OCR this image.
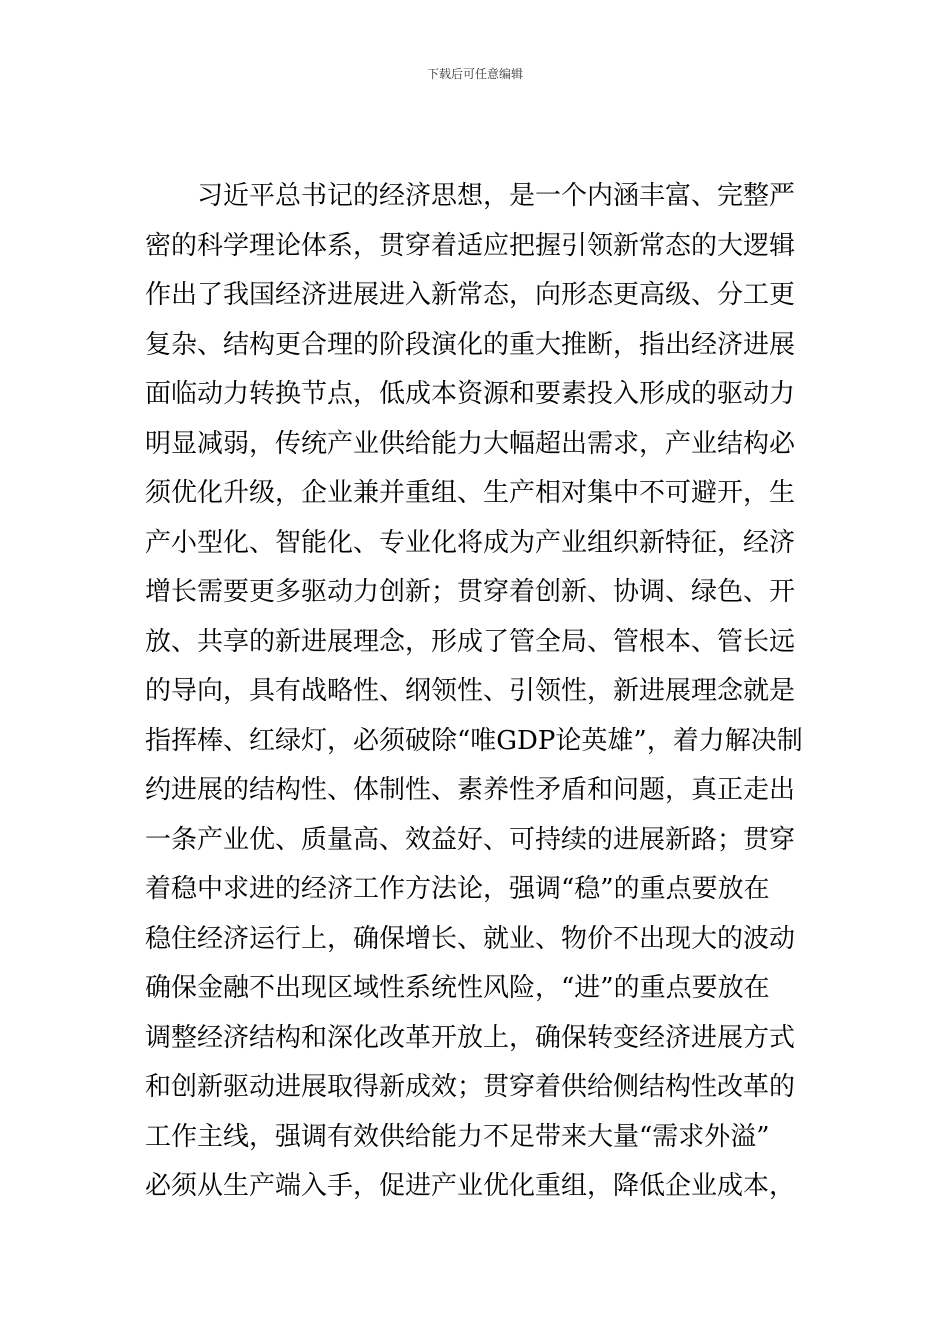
下载后可任意编辑
习近平总书记的经济思想，是一个内涵丰富、完整严
密的科学理论体系，贯穿着适应把握引领新常态的大逻辑
作出了我国经济进展进入新常态，向形态更高级、分工更
复杂、结构更合理的阶段演化的重大推断，指出经济进展
面临动力转换节点，低成本资源和要素投入形成的驱动力
明显减弱，传统产业供给能力大幅超出需求，产业结构必
须优化升级，企业兼并重组、生产相对集中不可避开，生
产小型化、智能化、专业化将成为产业组织新特征，经济
增长需要更多驱动力创新；贯穿着创新、协调、绿色、开
放、共享的新进展理念，形成了管全局、管根本、管长远
的导向，具有战略性、纲领性、引领性，新进展理念就是
指挥棒、红绿灯，必须破除“唯GDP论英雄”，着力解决制
约进展的结构性、体制性、素养性矛盾和问题，真正走出
一条产业优、质量高、效益好、可持续的进展新路；贯穿
着稳中求进的经济工作方法论，强调“稳”的重点要放在
稳住经济运行上，确保增长、就业、物价不出现大的波动
确保金融不出现区域性系统性风险，“进”的重点要放在
调整经济结构和深化改革开放上，确保转变经济进展方式
和创新驱动进展取得新成效；贯穿着供给侧结构性改革的
工作主线，强调有效供给能力不足带来大量“需求外溢”
必须从生产端入手，促进产业优化重组，降低企业成本，
